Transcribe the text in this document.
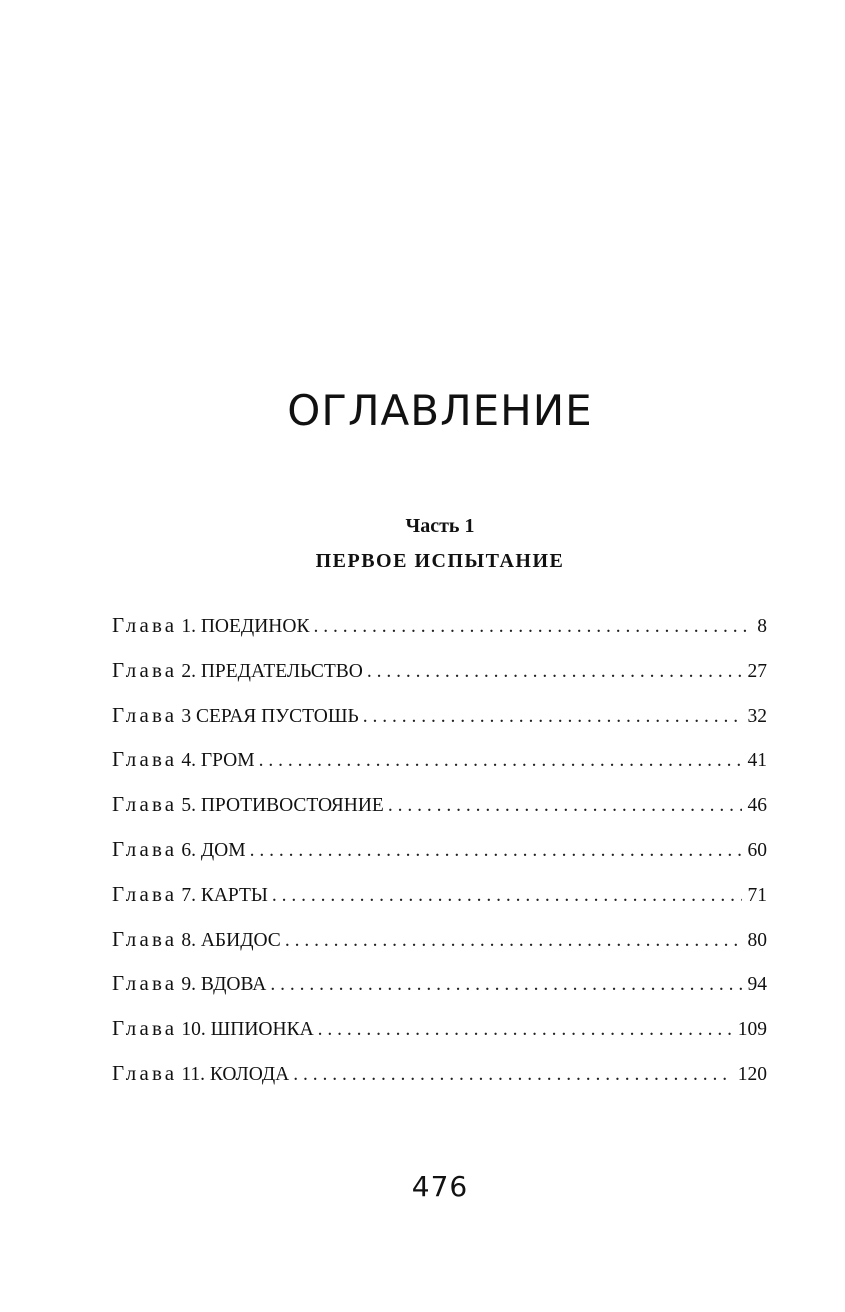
ОГЛАВЛЕНИЕ
Часть 1
ПЕРВОЕ ИСПЫТАНИЕ
Глава 1. ПОЕДИНОК . . .	8
Глава 2. ПРЕДАТЕЛЬСТВО . . .	27
Глава 3 СЕРАЯ ПУСТОШЬ . . .	32
Глава 4. ГРОМ . . .	41
Глава 5. ПРОТИВОСТОЯНИЕ . . .	46
Глава 6. ДОМ . . .	60
Глава 7. КАРТЫ . . .	71
Глава 8. АБИДОС . . .	80
Глава 9. ВДОВА . . .	94
Глава 10. ШПИОНКА . . .	109
Глава 11. КОЛОДА . . .	120
476
